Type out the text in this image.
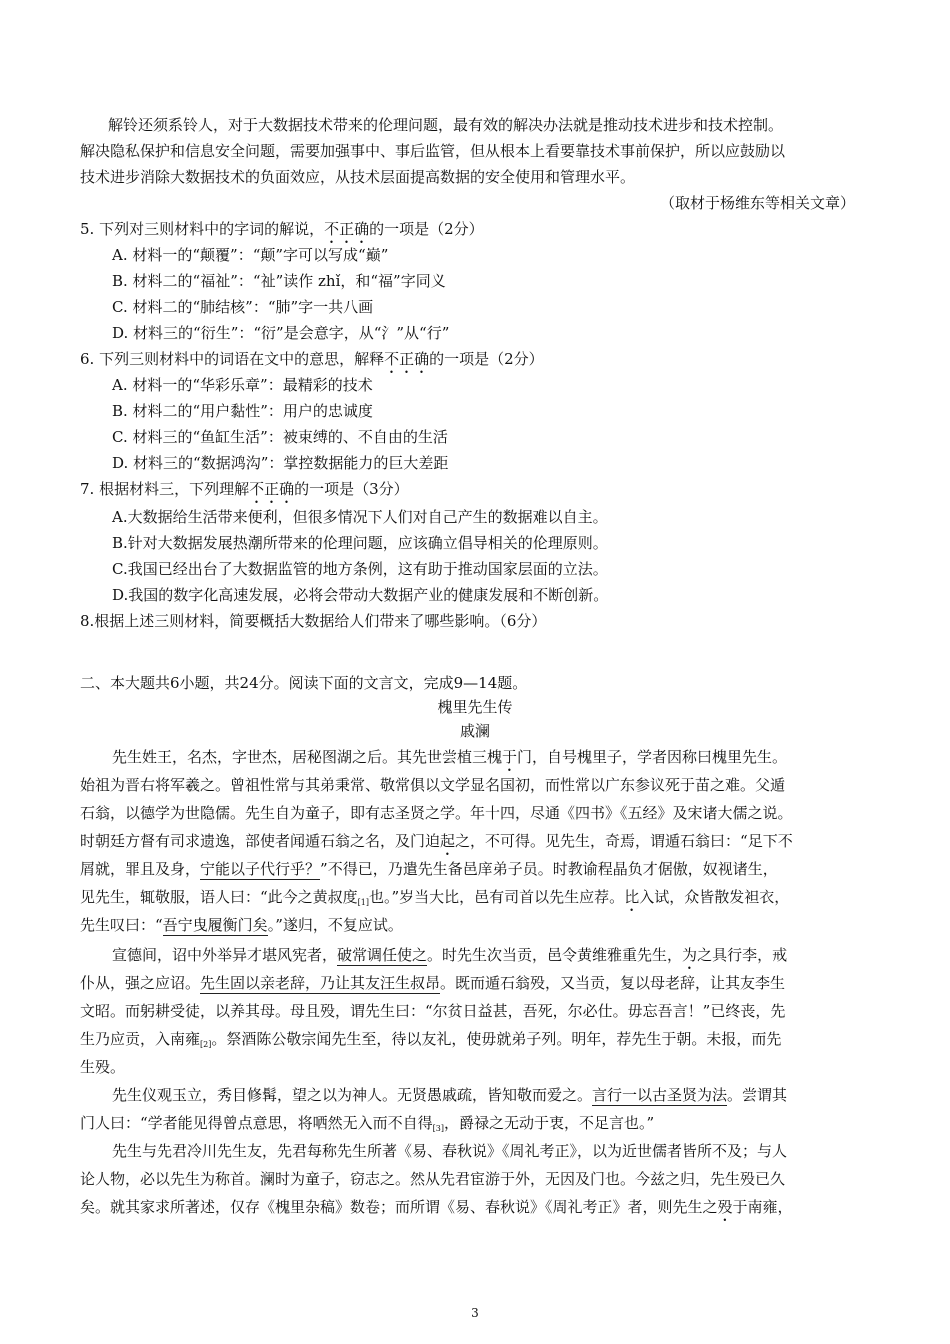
解铃还须系铃人，对于大数据技术带来的伦理问题，最有效的解决办法就是推动技术进步和技术控制。
解决隐私保护和信息安全问题，需要加强事中、事后监管，但从根本上看要靠技术事前保护，所以应鼓励以
技术进步消除大数据技术的负面效应，从技术层面提高数据的安全使用和管理水平。
（取材于杨维东等相关文章）
5. 下列对三则材料中的字词的解说，不正确的一项是（2分）
A. 材料一的“颠覆”：“颠”字可以写成“巅”
B. 材料二的“福祉”：“祉”读作 zhǐ，和“福”字同义
C. 材料二的“肺结核”：“肺”字一共八画
D. 材料三的“衍生”：“衍”是会意字，从“氵”从“行”
6. 下列三则材料中的词语在文中的意思，解释不正确的一项是（2分）
A. 材料一的“华彩乐章”：最精彩的技术
B. 材料二的“用户黏性”：用户的忠诚度
C. 材料三的“鱼缸生活”：被束缚的、不自由的生活
D. 材料三的“数据鸿沟”：掌控数据能力的巨大差距
7. 根据材料三，下列理解不正确的一项是（3分）
A.大数据给生活带来便利，但很多情况下人们对自己产生的数据难以自主。
B.针对大数据发展热潮所带来的伦理问题，应该确立倡导相关的伦理原则。
C.我国已经出台了大数据监管的地方条例，这有助于推动国家层面的立法。
D.我国的数字化高速发展，必将会带动大数据产业的健康发展和不断创新。
8.根据上述三则材料，简要概括大数据给人们带来了哪些影响。（6分）
二、本大题共6小题，共24分。阅读下面的文言文，完成9—14题。
槐里先生传
戚澜
先生姓王，名杰，字世杰，居秘图湖之后。其先世尝植三槐于门，自号槐里子，学者因称曰槐里先生。
始祖为晋右将军羲之。曾祖性常与其弟秉常、敬常俱以文学显名国初，而性常以广东参议死于苗之难。父遁
石翁，以德学为世隐儒。先生自为童子，即有志圣贤之学。年十四，尽通《四书》《五经》及宋诸大儒之说。
时朝廷方督有司求遗逸，部使者闻遁石翁之名，及门迫起之，不可得。见先生，奇焉，谓遁石翁曰：“足下不
屑就，罪且及身，宁能以子代行乎？”不得已，乃遣先生备邑庠弟子员。时教谕程晶负才倨傲，奴视诸生，
见先生，辄敬服，语人曰：“此今之黄叔度$_{[1]}$也。”岁当大比，邑有司首以先生应荐。比入试，众皆散发袒衣，
先生叹曰：“吾宁曳履衡门矣。”遂归，不复应试。
宣德间，诏中外举异才堪风宪者，破常调任使之。时先生次当贡，邑令黄维雅重先生，为之具行李，戒
仆从，强之应诏。先生固以亲老辞，乃让其友汪生叔昂。既而遁石翁殁，又当贡，复以母老辞，让其友李生
文昭。而躬耕受徒，以养其母。母且殁，谓先生曰：“尔贫日益甚，吾死，尔必仕。毋忘吾言！”已终丧，先
生乃应贡，入南雍$_{[2]}$。祭酒陈公敬宗闻先生至，待以友礼，使毋就弟子列。明年，荐先生于朝。未报，而先
生殁。
先生仪观玉立，秀目修髯，望之以为神人。无贤愚戚疏，皆知敬而爱之。言行一以古圣贤为法。尝谓其
门人曰：“学者能见得曾点意思，将哂然无入而不自得$_{[3]}$，爵禄之无动于衷，不足言也。”
先生与先君冷川先生友，先君每称先生所著《易、春秋说》《周礼考正》，以为近世儒者皆所不及；与人
论人物，必以先生为称首。澜时为童子，窃志之。然从先君宦游于外，无因及门也。今兹之归，先生殁已久
矣。就其家求所著述，仅存《槐里杂稿》数卷；而所谓《易、春秋说》《周礼考正》者，则先生之殁于南雍，
3
